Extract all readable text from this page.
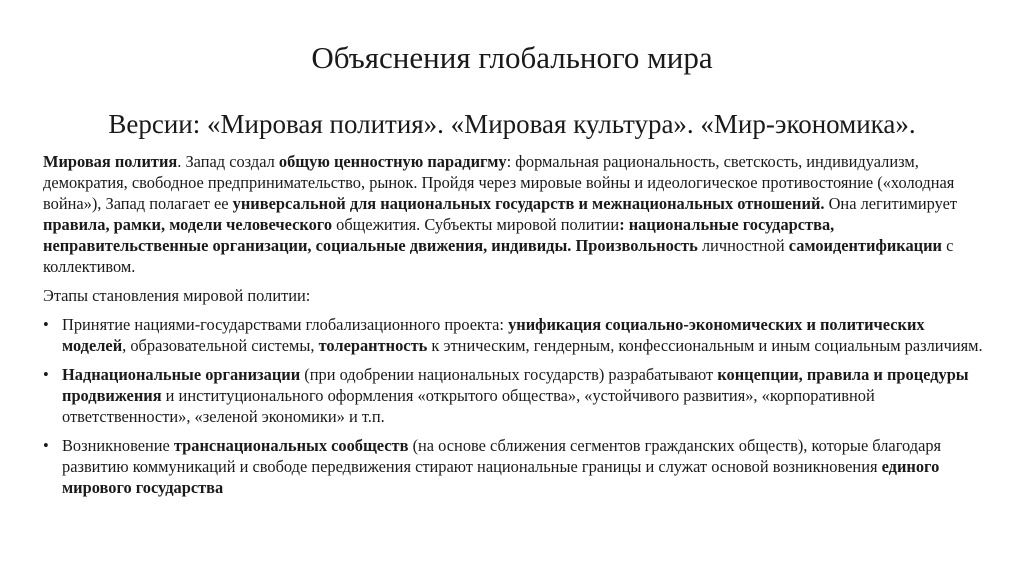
Объяснения глобального мира
Версии: «Мировая полития». «Мировая культура». «Мир-экономика».

Мировая полития. Запад создал общую ценностную парадигму: формальная рациональность, светскость, индивидуализм, демократия, свободное предпринимательство, рынок. Пройдя через мировые войны и идеологическое противостояние («холодная война»), Запад полагает ее универсальной для национальных государств и межнациональных отношений. Она легитимирует правила, рамки, модели человеческого общежития. Субъекты мировой политии: национальные государства, неправительственные организации, социальные движения, индивиды. Произвольность личностной самоидентификации с коллективом.

Этапы становления мировой политии:

• Принятие нациями-государствами глобализационного проекта: унификация социально-экономических и политических моделей, образовательной системы, толерантность к этническим, гендерным, конфессиональным и иным социальным различиям.
• Наднациональные организации (при одобрении национальных государств) разрабатывают концепции, правила и процедуры продвижения и институционального оформления «открытого общества», «устойчивого развития», «корпоративной ответственности», «зеленой экономики» и т.п.
• Возникновение транснациональных сообществ (на основе сближения сегментов гражданских обществ), которые благодаря развитию коммуникаций и свободе передвижения стирают национальные границы и служат основой возникновения единого мирового государства
